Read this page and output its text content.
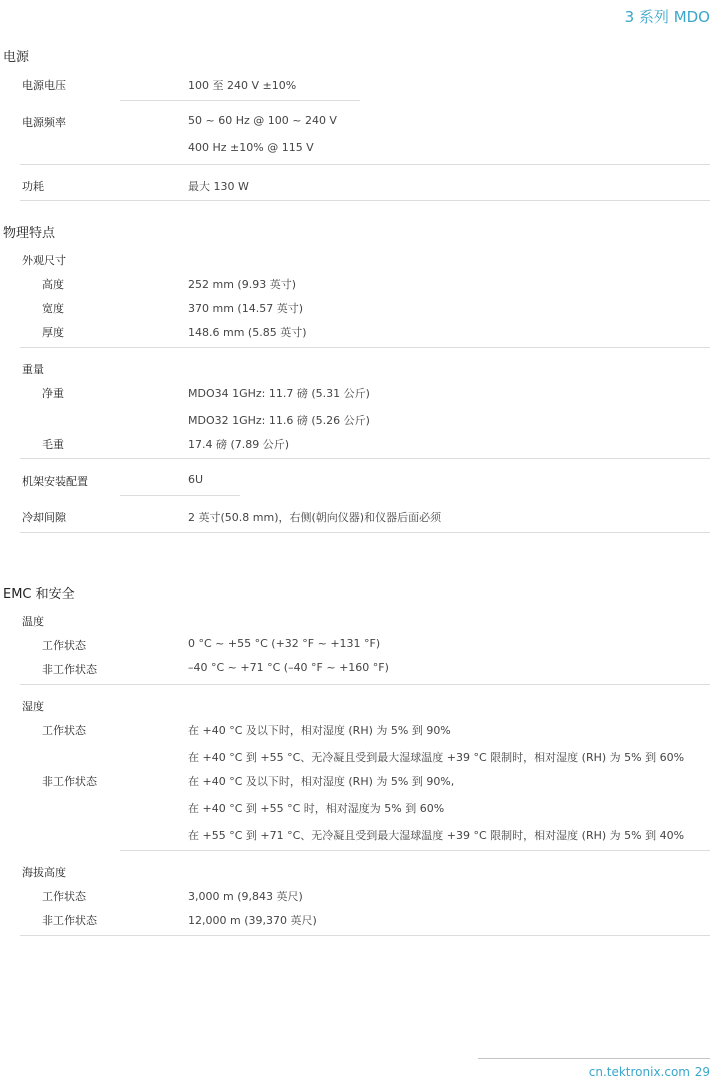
3 系列 MDO
电源
电源电压	100 至 240 V ±10%
电源频率	50 ~ 60 Hz @ 100 ~ 240 V
400 Hz ±10% @ 115 V
功耗	最大 130 W
物理特点
外观尺寸
高度	252 mm (9.93 英寸)
宽度	370 mm (14.57 英寸)
厚度	148.6 mm (5.85 英寸)
重量
净重	MDO34 1GHz: 11.7 磅 (5.31 公斤)
MDO32 1GHz: 11.6 磅 (5.26 公斤)
毛重	17.4 磅 (7.89 公斤)
机架安装配置	6U
冷却间隙	2 英寸(50.8 mm)，右侧(朝向仪器)和仪器后面必须
EMC 和安全
温度
工作状态	0 °C ~ +55 °C (+32 °F ~ +131 °F)
非工作状态	–40 °C ~ +71 °C (–40 °F ~ +160 °F)
湿度
工作状态	在 +40 °C 及以下时，相对湿度 (RH) 为 5% 到 90%
在 +40 °C 到 +55 °C、无冷凝且受到最大湿球温度 +39 °C 限制时，相对湿度 (RH) 为 5% 到 60%
非工作状态	在 +40 °C 及以下时，相对湿度 (RH) 为 5% 到 90%,
在 +40 °C 到 +55 °C 时，相对湿度为 5% 到 60%
在 +55 °C 到 +71 °C、无冷凝且受到最大湿球温度 +39 °C 限制时，相对湿度 (RH) 为 5% 到 40%
海拔高度
工作状态	3,000 m (9,843 英尺)
非工作状态	12,000 m (39,370 英尺)
cn.tektronix.com 29
